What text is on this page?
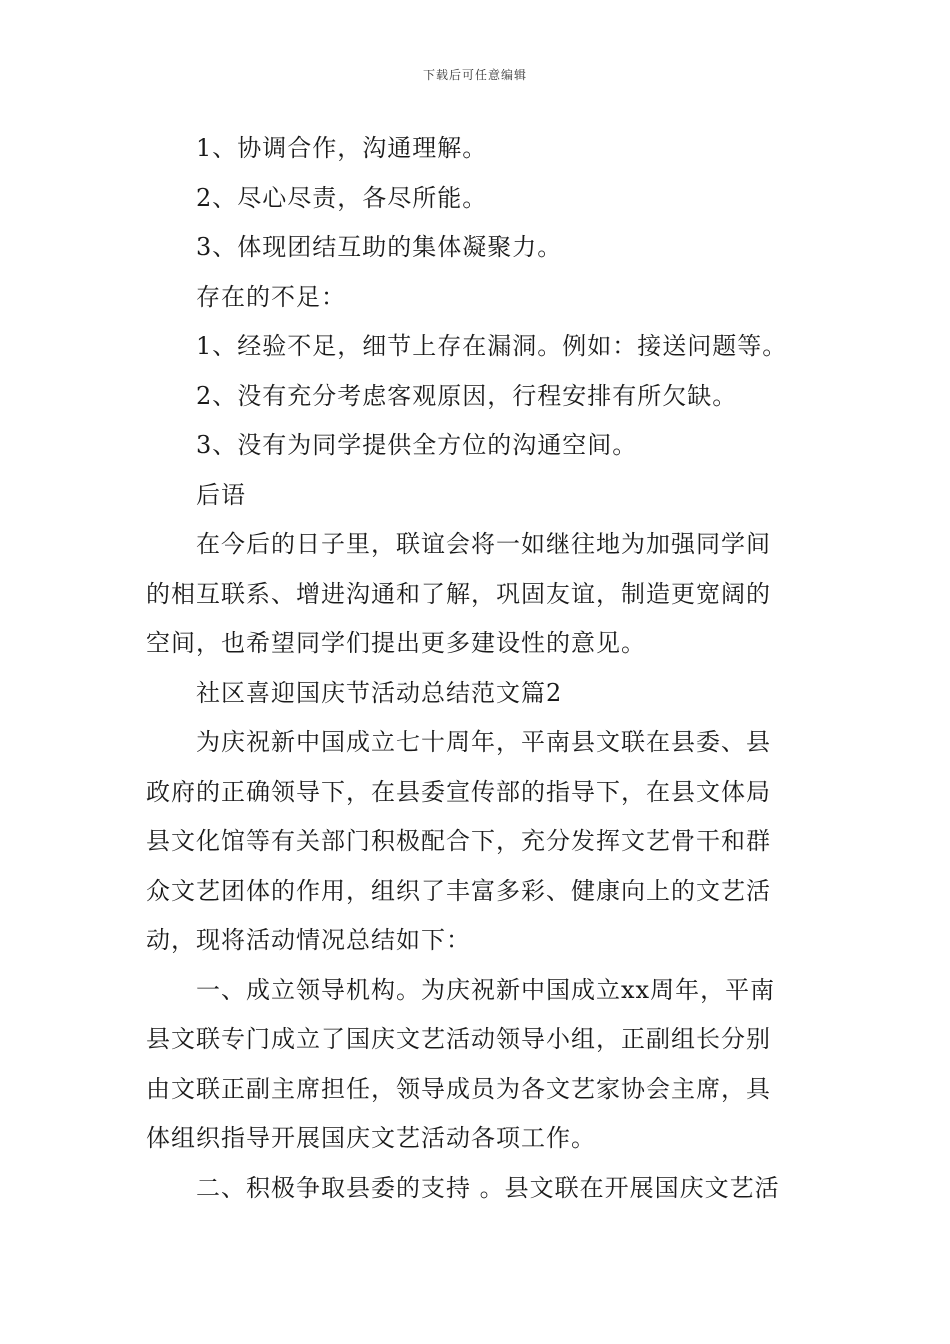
下载后可任意编辑
1、协调合作，沟通理解。
2、尽心尽责，各尽所能。
3、体现团结互助的集体凝聚力。
存在的不足：
1、经验不足，细节上存在漏洞。例如：接送问题等。
2、没有充分考虑客观原因，行程安排有所欠缺。
3、没有为同学提供全方位的沟通空间。
后语
在今后的日子里，联谊会将一如继往地为加强同学间
的相互联系、增进沟通和了解，巩固友谊，制造更宽阔的
空间，也希望同学们提出更多建设性的意见。
社区喜迎国庆节活动总结范文篇2
为庆祝新中国成立七十周年，平南县文联在县委、县
政府的正确领导下，在县委宣传部的指导下，在县文体局
县文化馆等有关部门积极配合下，充分发挥文艺骨干和群
众文艺团体的作用，组织了丰富多彩、健康向上的文艺活
动，现将活动情况总结如下：
一、成立领导机构。为庆祝新中国成立xx周年，平南
县文联专门成立了国庆文艺活动领导小组，正副组长分别
由文联正副主席担任，领导成员为各文艺家协会主席，具
体组织指导开展国庆文艺活动各项工作。
二、积极争取县委的支持 。县文联在开展国庆文艺活
